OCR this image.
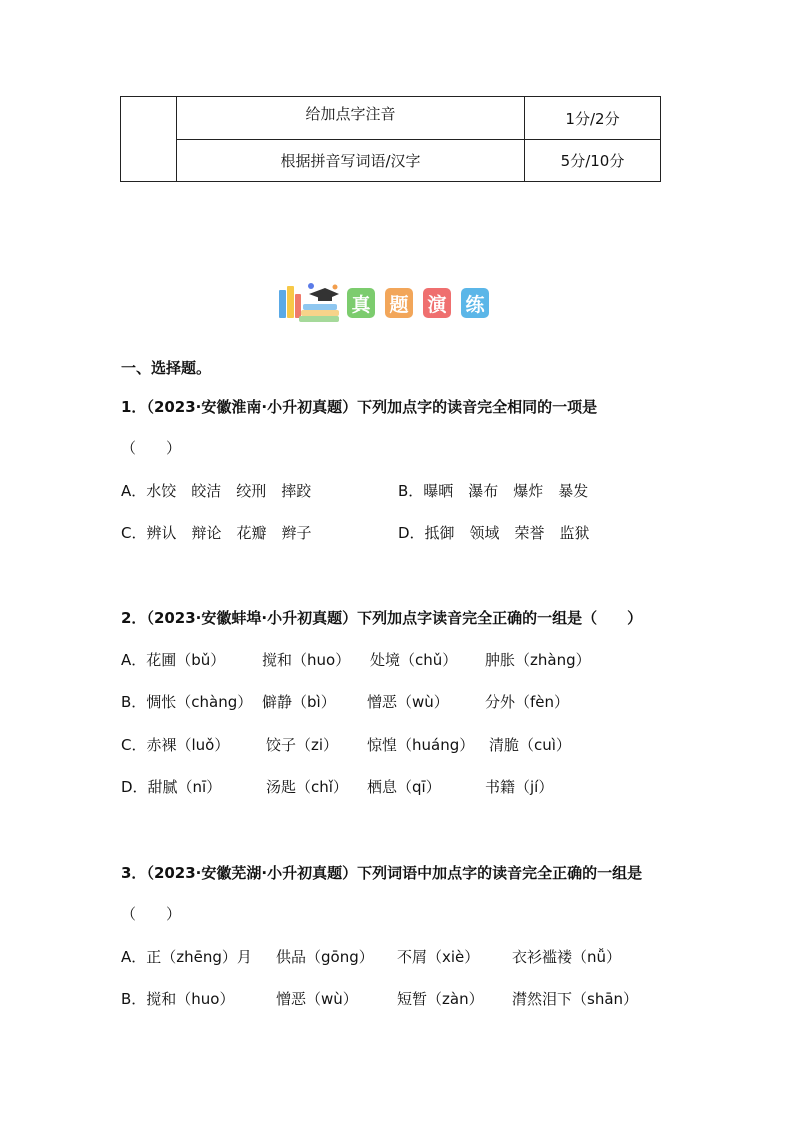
给加点字注音	1分/2分
根据拼音写词语/汉字	5分/10分
真 题 演 练
一、选择题。
1．（2023·安徽淮南·小升初真题）下列加点字的读音完全相同的一项是
（　　）
A．水饺　皎洁　绞刑　摔跤	B．曝晒　瀑布　爆炸　暴发
C．辨认　辩论　花瓣　辫子	D．抵御　领域　荣誉　监狱
2．（2023·安徽蚌埠·小升初真题）下列加点字读音完全正确的一组是（　　）
A．花圃（bǔ） 搅和（huo） 处境（chǔ） 肿胀（zhàng）
B．惆怅（chàng） 僻静（bì） 憎恶（wù） 分外（fèn）
C．赤裸（luǒ） 饺子（zi） 惊惶（huáng） 清脆（cuì）
D．甜腻（nī）	汤匙（chǐ） 栖息（qī）	书籍（jí）
3．（2023·安徽芜湖·小升初真题）下列词语中加点字的读音完全正确的一组是
（　　）
A．正（zhēng）月 供品（gōng） 不屑（xiè） 衣衫褴褛（nǚ）
B．搅和（huo）	憎恶（wù）	短暂（zàn） 潸然泪下（shān）
